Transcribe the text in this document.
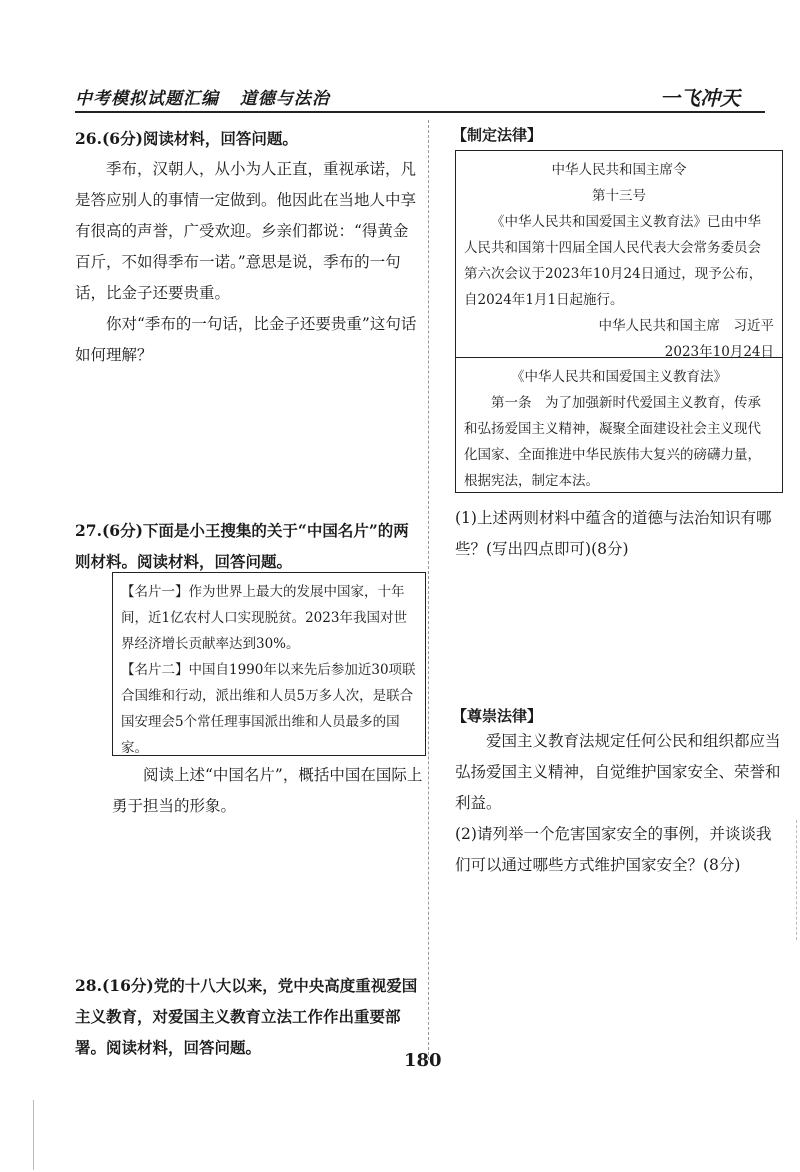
中考模拟试题汇编 道德与法治	一飞冲天

26.(6分)阅读材料，回答问题。

季布，汉朝人，从小为人正直，重视承诺，凡是答应别人的事情一定做到。他因此在当地人中享有很高的声誉，广受欢迎。乡亲们都说：“得黄金百斤，不如得季布一诺。”意思是说，季布的一句话，比金子还要贵重。

你对“季布的一句话，比金子还要贵重”这句话如何理解？

27.(6分)下面是小王搜集的关于“中国名片”的两则材料。阅读材料，回答问题。

【名片一】作为世界上最大的发展中国家，十年间，近1亿农村人口实现脱贫。2023年我国对世界经济增长贡献率达到30%。

【名片二】中国自1990年以来先后参加近30项联合国维和行动，派出维和人员5万多人次，是联合国安理会5个常任理事国派出维和人员最多的国家。

阅读上述“中国名片”，概括中国在国际上勇于担当的形象。

28.(16分)党的十八大以来，党中央高度重视爱国主义教育，对爱国主义教育立法工作作出重要部署。阅读材料，回答问题。

【制定法律】

中华人民共和国主席令

第十三号

《中华人民共和国爱国主义教育法》已由中华人民共和国第十四届全国人民代表大会常务委员会第六次会议于2023年10月24日通过，现予公布，自2024年1月1日起施行。

中华人民共和国主席　习近平

2023年10月24日

《中华人民共和国爱国主义教育法》

第一条　为了加强新时代爱国主义教育，传承和弘扬爱国主义精神，凝聚全面建设社会主义现代化国家、全面推进中华民族伟大复兴的磅礴力量，根据宪法，制定本法。

(1)上述两则材料中蕴含的道德与法治知识有哪些？(写出四点即可)(8分)

【尊崇法律】

爱国主义教育法规定任何公民和组织都应当弘扬爱国主义精神，自觉维护国家安全、荣誉和利益。

(2)请列举一个危害国家安全的事例，并谈谈我们可以通过哪些方式维护国家安全？(8分)

180
